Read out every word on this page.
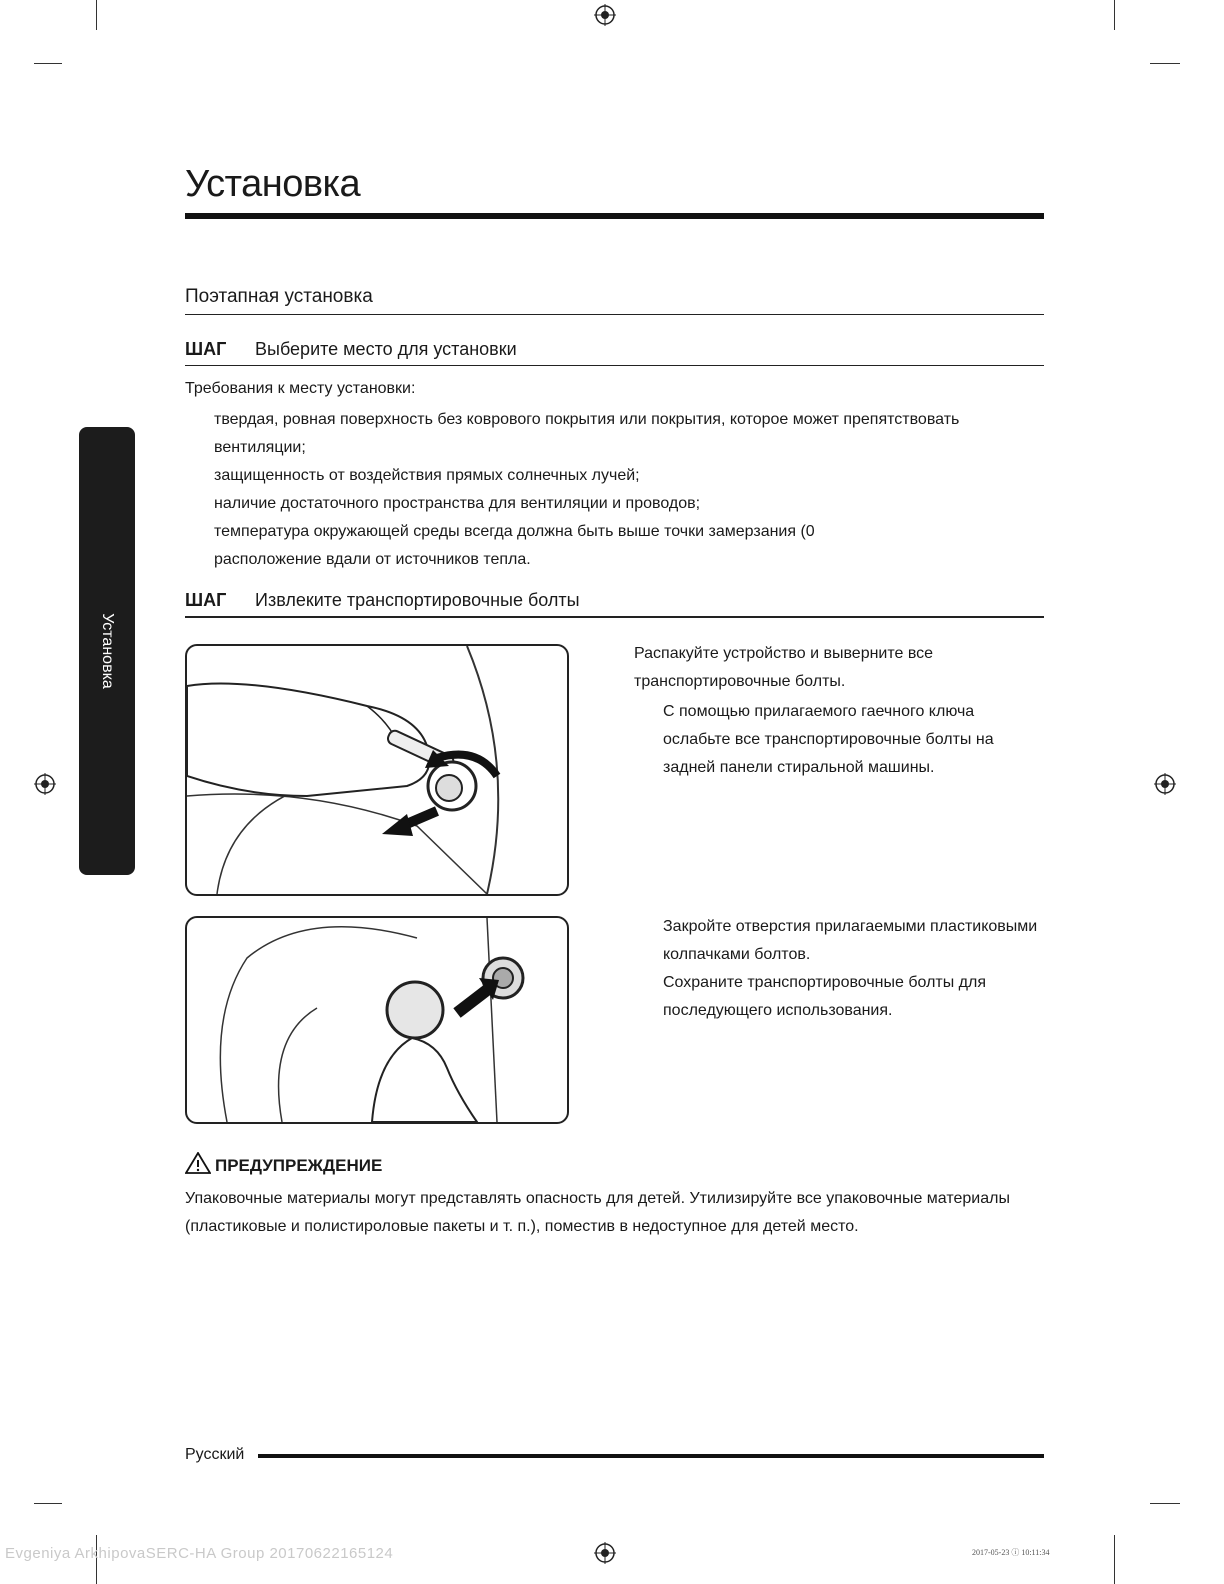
Установка
Установка
Поэтапная установка
ШАГ Выберите место для установки
Требования к месту установки:
твердая, ровная поверхность без коврового покрытия или покрытия, которое может препятствовать
вентиляции;
защищенность от воздействия прямых солнечных лучей;
наличие достаточного пространства для вентиляции и проводов;
температура окружающей среды всегда должна быть выше точки замерзания (0
расположение вдали от источников тепла.
ШАГ Извлеките транспортировочные болты
Распакуйте устройство и выверните все
транспортировочные болты.
С помощью прилагаемого гаечного ключа
ослабьте все транспортировочные болты на
задней панели стиральной машины.
Закройте отверстия прилагаемыми пластиковыми
колпачками болтов.
Сохраните транспортировочные болты для
последующего использования.
ПРЕДУПРЕЖДЕНИЕ
Упаковочные материалы могут представлять опасность для детей. Утилизируйте все упаковочные материалы
(пластиковые и полистироловые пакеты и т. п.), поместив в недоступное для детей место.
Русский
Evgeniya ArkhipovaSERC-HA Group 20170622165124	2017-05-23 ⓘ 10:11:34
